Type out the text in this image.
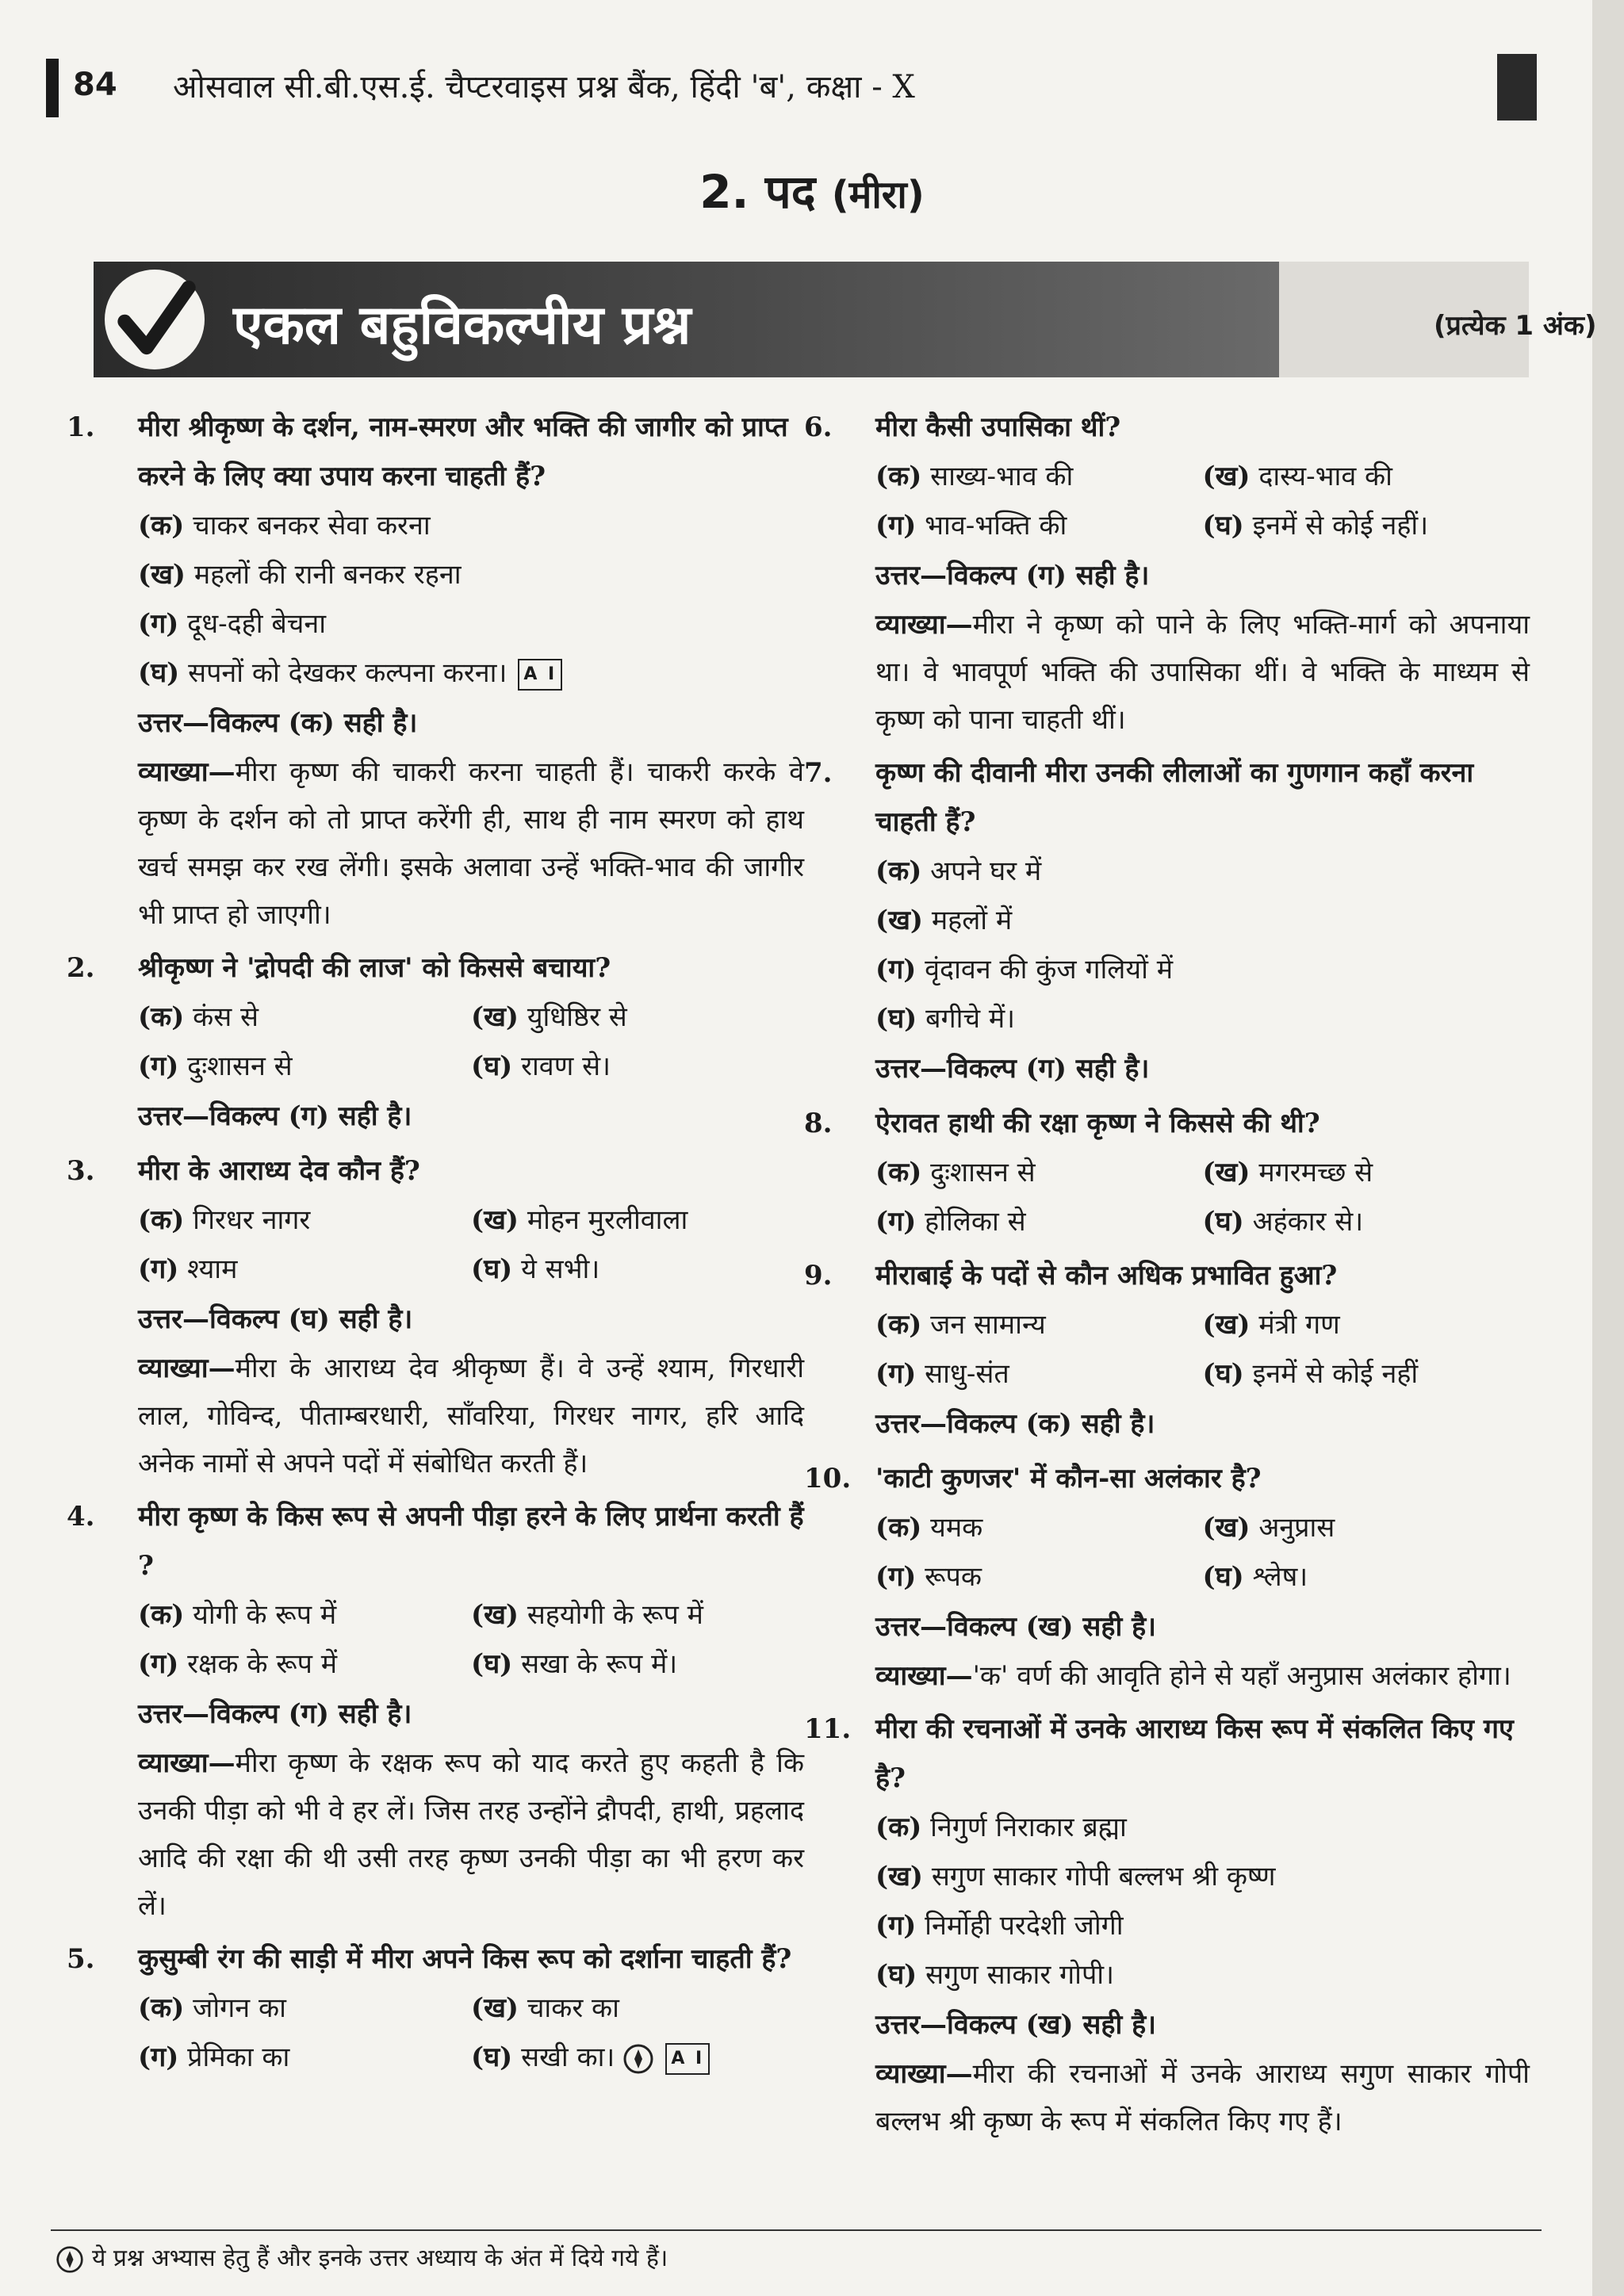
84 ओसवाल सी.बी.एस.ई. चैप्टरवाइस प्रश्न बैंक, हिंदी 'ब', कक्षा - X
2. पद (मीरा)
एकल बहुविकल्पीय प्रश्न	(प्रत्येक 1 अंक)
1. मीरा श्रीकृष्ण के दर्शन, नाम-स्मरण और भक्ति की जागीर को प्राप्त करने के लिए क्या उपाय करना चाहती हैं?
(क) चाकर बनकर सेवा करना
(ख) महलों की रानी बनकर रहना
(ग) दूध-दही बेचना
(घ) सपनों को देखकर कल्पना करना। A I
उत्तर—विकल्प (क) सही है।
व्याख्या—मीरा कृष्ण की चाकरी करना चाहती हैं। चाकरी करके वे कृष्ण के दर्शन को तो प्राप्त करेंगी ही, साथ ही नाम स्मरण को हाथ खर्च समझ कर रख लेंगी। इसके अलावा उन्हें भक्ति-भाव की जागीर भी प्राप्त हो जाएगी।
2. श्रीकृष्ण ने 'द्रोपदी की लाज' को किससे बचाया?
(क) कंस से	(ख) युधिष्ठिर से
(ग) दुःशासन से	(घ) रावण से।
उत्तर—विकल्प (ग) सही है।
3. मीरा के आराध्य देव कौन हैं?
(क) गिरधर नागर	(ख) मोहन मुरलीवाला
(ग) श्याम	(घ) ये सभी।
उत्तर—विकल्प (घ) सही है।
व्याख्या—मीरा के आराध्य देव श्रीकृष्ण हैं। वे उन्हें श्याम, गिरधारी लाल, गोविन्द, पीताम्बरधारी, साँवरिया, गिरधर नागर, हरि आदि अनेक नामों से अपने पदों में संबोधित करती हैं।
4. मीरा कृष्ण के किस रूप से अपनी पीड़ा हरने के लिए प्रार्थना करती हैं ?
(क) योगी के रूप में	(ख) सहयोगी के रूप में
(ग) रक्षक के रूप में	(घ) सखा के रूप में।
उत्तर—विकल्प (ग) सही है।
व्याख्या—मीरा कृष्ण के रक्षक रूप को याद करते हुए कहती है कि उनकी पीड़ा को भी वे हर लें। जिस तरह उन्होंने द्रौपदी, हाथी, प्रहलाद आदि की रक्षा की थी उसी तरह कृष्ण उनकी पीड़ा का भी हरण कर लें।
5. कुसुम्बी रंग की साड़ी में मीरा अपने किस रूप को दर्शाना चाहती हैं?
(क) जोगन का	(ख) चाकर का
(ग) प्रेमिका का	(घ) सखी का।	A I
6. मीरा कैसी उपासिका थीं?
(क) साख्य-भाव की	(ख) दास्य-भाव की
(ग) भाव-भक्ति की	(घ) इनमें से कोई नहीं।
उत्तर—विकल्प (ग) सही है।
व्याख्या—मीरा ने कृष्ण को पाने के लिए भक्ति-मार्ग को अपनाया था। वे भावपूर्ण भक्ति की उपासिका थीं। वे भक्ति के माध्यम से कृष्ण को पाना चाहती थीं।
7. कृष्ण की दीवानी मीरा उनकी लीलाओं का गुणगान कहाँ करना चाहती हैं?
(क) अपने घर में
(ख) महलों में
(ग) वृंदावन की कुंज गलियों में
(घ) बगीचे में।
उत्तर—विकल्प (ग) सही है।
8. ऐरावत हाथी की रक्षा कृष्ण ने किससे की थी?
(क) दुःशासन से	(ख) मगरमच्छ से
(ग) होलिका से	(घ) अहंकार से।
9. मीराबाई के पदों से कौन अधिक प्रभावित हुआ?
(क) जन सामान्य	(ख) मंत्री गण
(ग) साधु-संत	(घ) इनमें से कोई नहीं
उत्तर—विकल्प (क) सही है।
10. 'काटी कुणजर' में कौन-सा अलंकार है?
(क) यमक	(ख) अनुप्रास
(ग) रूपक	(घ) श्लेष।
उत्तर—विकल्प (ख) सही है।
व्याख्या—'क' वर्ण की आवृति होने से यहाँ अनुप्रास अलंकार होगा।
11. मीरा की रचनाओं में उनके आराध्य किस रूप में संकलित किए गए है?
(क) निगुर्ण निराकार ब्रह्मा
(ख) सगुण साकार गोपी बल्लभ श्री कृष्ण
(ग) निर्मोही परदेशी जोगी
(घ) सगुण साकार गोपी।
उत्तर—विकल्प (ख) सही है।
व्याख्या—मीरा की रचनाओं में उनके आराध्य सगुण साकार गोपी बल्लभ श्री कृष्ण के रूप में संकलित किए गए हैं।
ये प्रश्न अभ्यास हेतु हैं और इनके उत्तर अध्याय के अंत में दिये गये हैं।
